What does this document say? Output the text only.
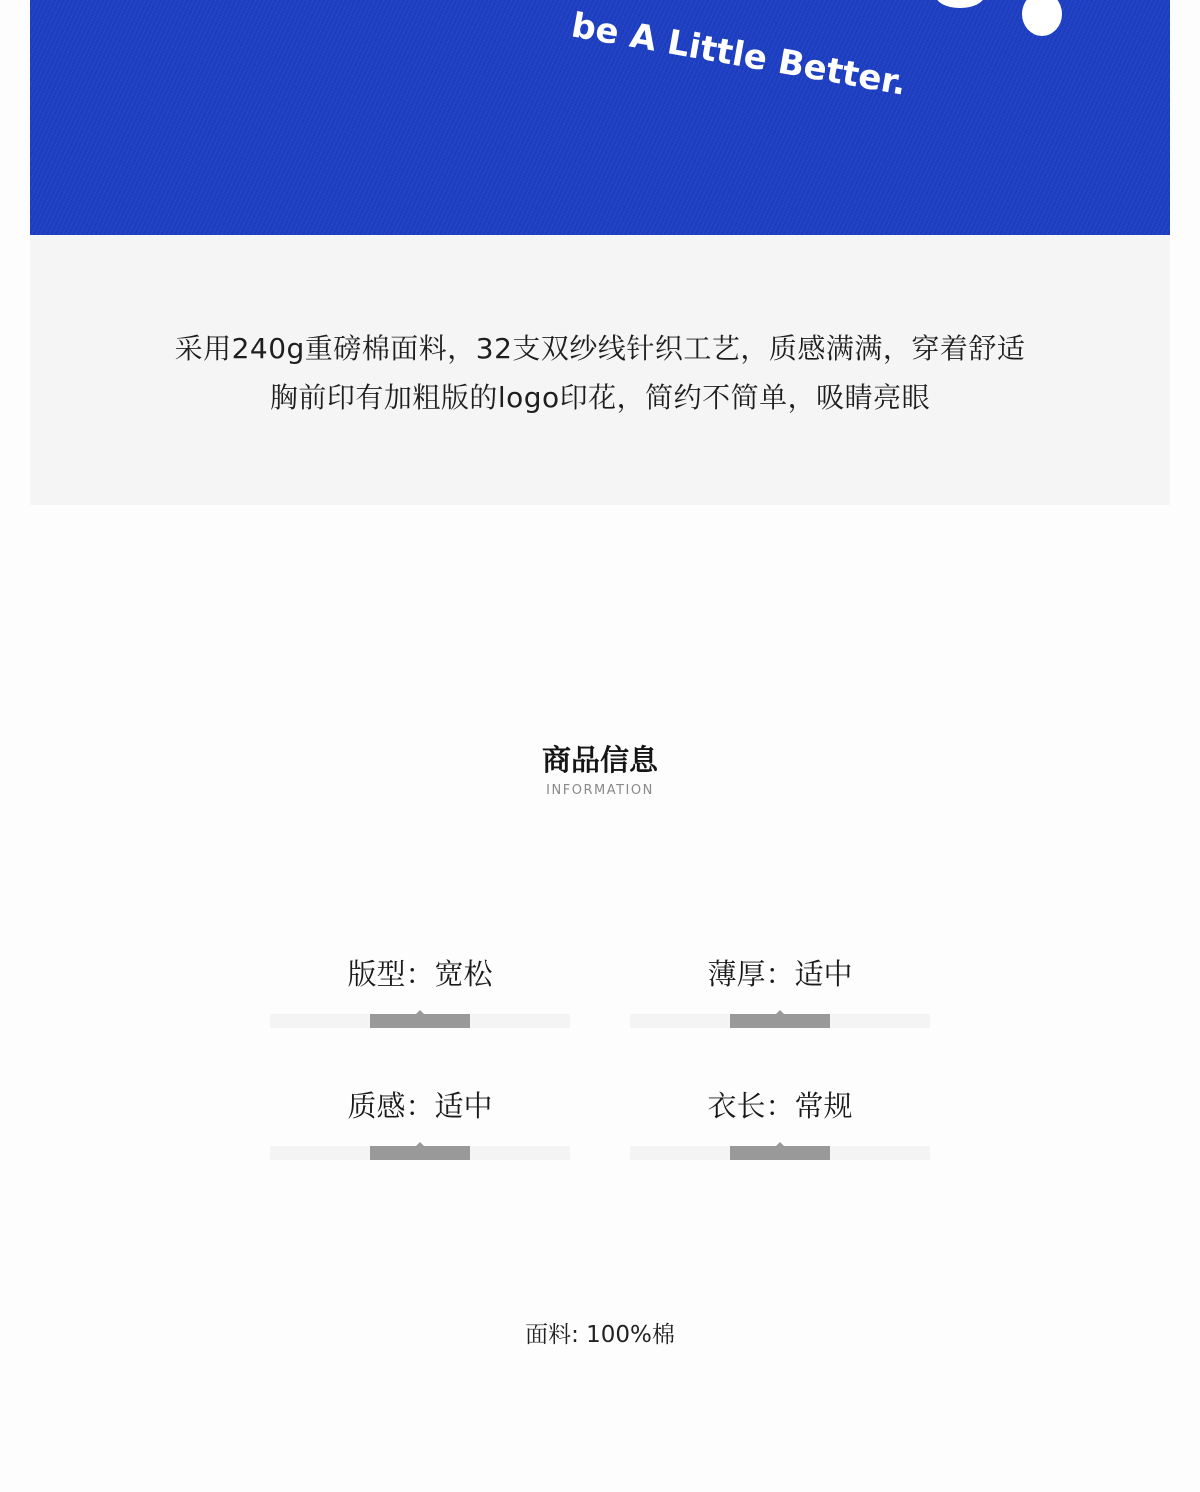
be A Little Better.
采用240g重磅棉面料，32支双纱线针织工艺，质感满满，穿着舒适
胸前印有加粗版的logo印花，简约不简单，吸睛亮眼
商品信息
INFORMATION
版型：宽松	薄厚：适中
质感：适中	衣长：常规
面料: 100%棉
